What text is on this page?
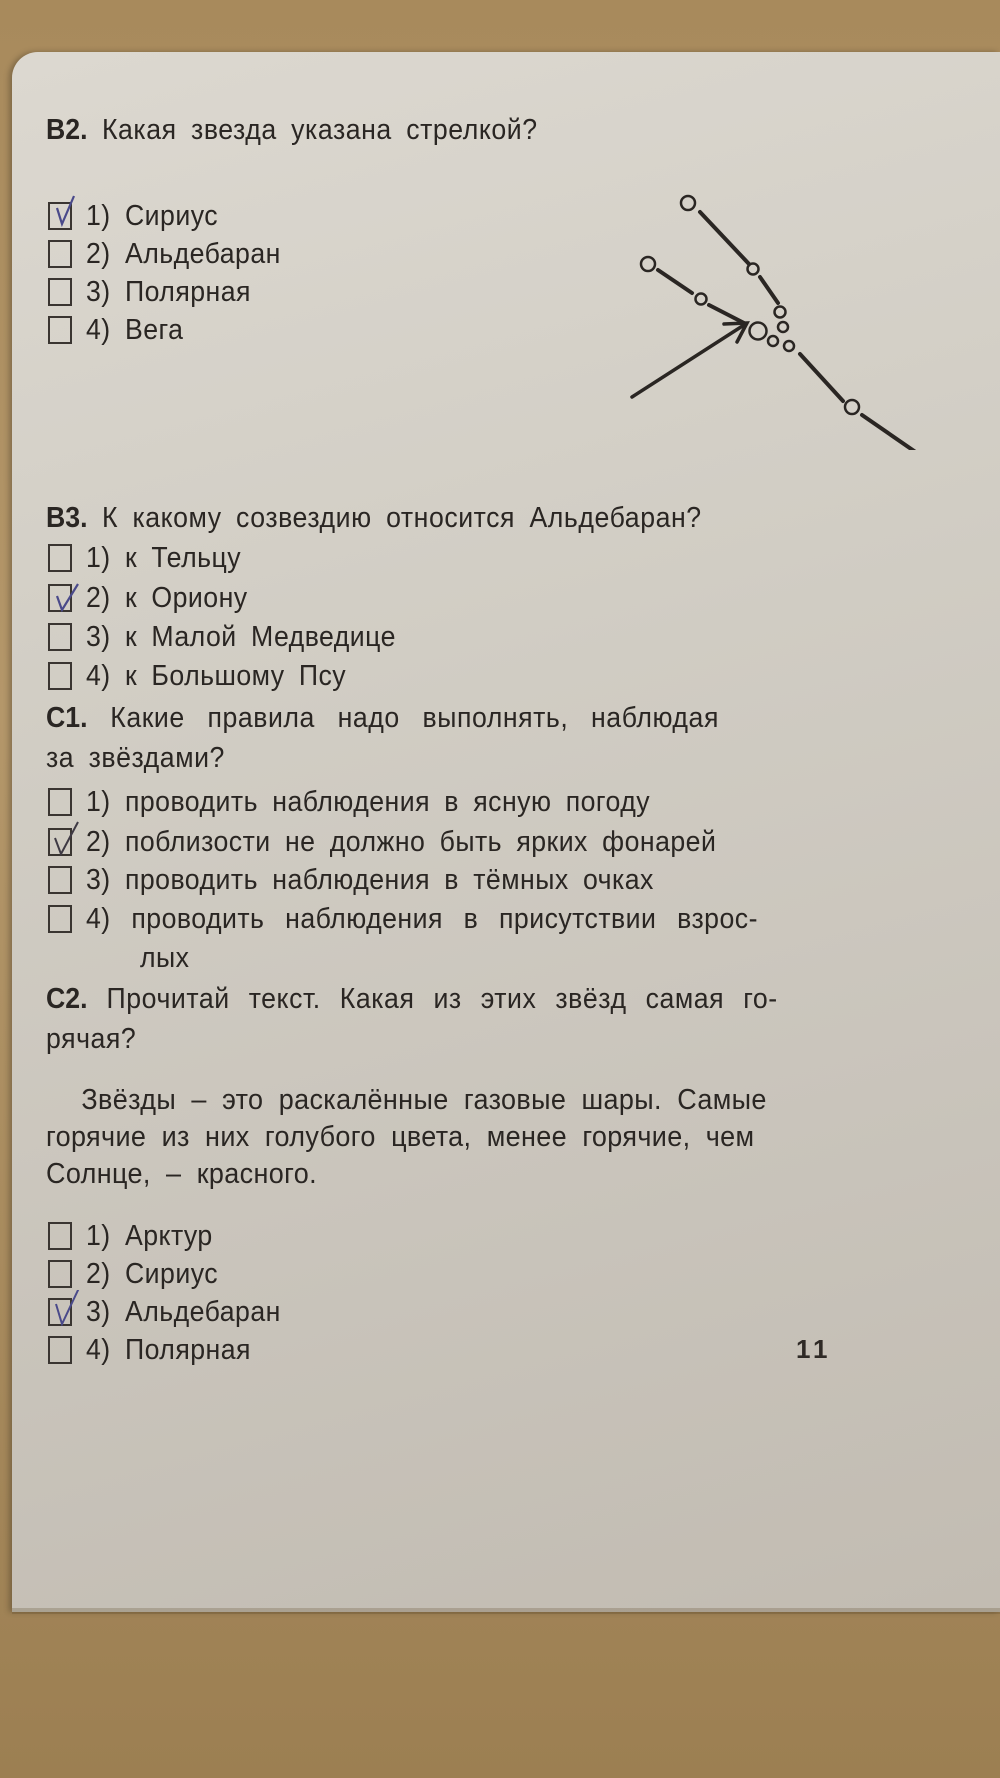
B2. Какая звезда указана стрелкой?
1) Сириус
2) Альдебаран
3) Полярная
4) Вега
B3. К какому созвездию относится Альдебаран?
1) к Тельцу
2) к Ориону
3) к Малой Медведице
4) к Большому Псу
C1. Какие правила надо выполнять, наблюдая
за звёздами?
1) проводить наблюдения в ясную погоду
2) поблизости не должно быть ярких фонарей
3) проводить наблюдения в тёмных очках
4) проводить наблюдения в присутствии взрос-
лых
C2. Прочитай текст. Какая из этих звёзд самая го-
рячая?
Звёзды – это раскалённые газовые шары. Самые
горячие из них голубого цвета, менее горячие, чем
Солнце, – красного.
1) Арктур
2) Сириус
3) Альдебаран
4) Полярная	11
